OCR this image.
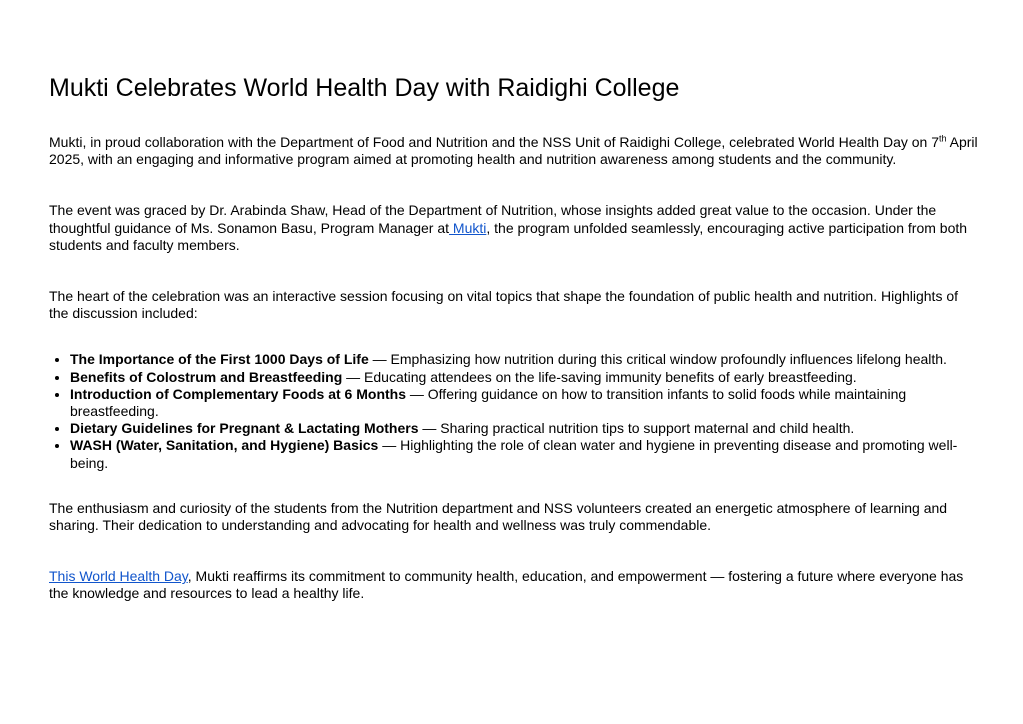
Mukti Celebrates World Health Day with Raidighi College

Mukti, in proud collaboration with the Department of Food and Nutrition and the NSS Unit of Raidighi College, celebrated World Health Day on 7th April 2025, with an engaging and informative program aimed at promoting health and nutrition awareness among students and the community.

The event was graced by Dr. Arabinda Shaw, Head of the Department of Nutrition, whose insights added great value to the occasion. Under the thoughtful guidance of Ms. Sonamon Basu, Program Manager at Mukti, the program unfolded seamlessly, encouraging active participation from both students and faculty members.

The heart of the celebration was an interactive session focusing on vital topics that shape the foundation of public health and nutrition. Highlights of the discussion included:

• The Importance of the First 1000 Days of Life — Emphasizing how nutrition during this critical window profoundly influences lifelong health.
• Benefits of Colostrum and Breastfeeding — Educating attendees on the life-saving immunity benefits of early breastfeeding.
• Introduction of Complementary Foods at 6 Months — Offering guidance on how to transition infants to solid foods while maintaining breastfeeding.
• Dietary Guidelines for Pregnant & Lactating Mothers — Sharing practical nutrition tips to support maternal and child health.
• WASH (Water, Sanitation, and Hygiene) Basics — Highlighting the role of clean water and hygiene in preventing disease and promoting well-being.

The enthusiasm and curiosity of the students from the Nutrition department and NSS volunteers created an energetic atmosphere of learning and sharing. Their dedication to understanding and advocating for health and wellness was truly commendable.

This World Health Day, Mukti reaffirms its commitment to community health, education, and empowerment — fostering a future where everyone has the knowledge and resources to lead a healthy life.
